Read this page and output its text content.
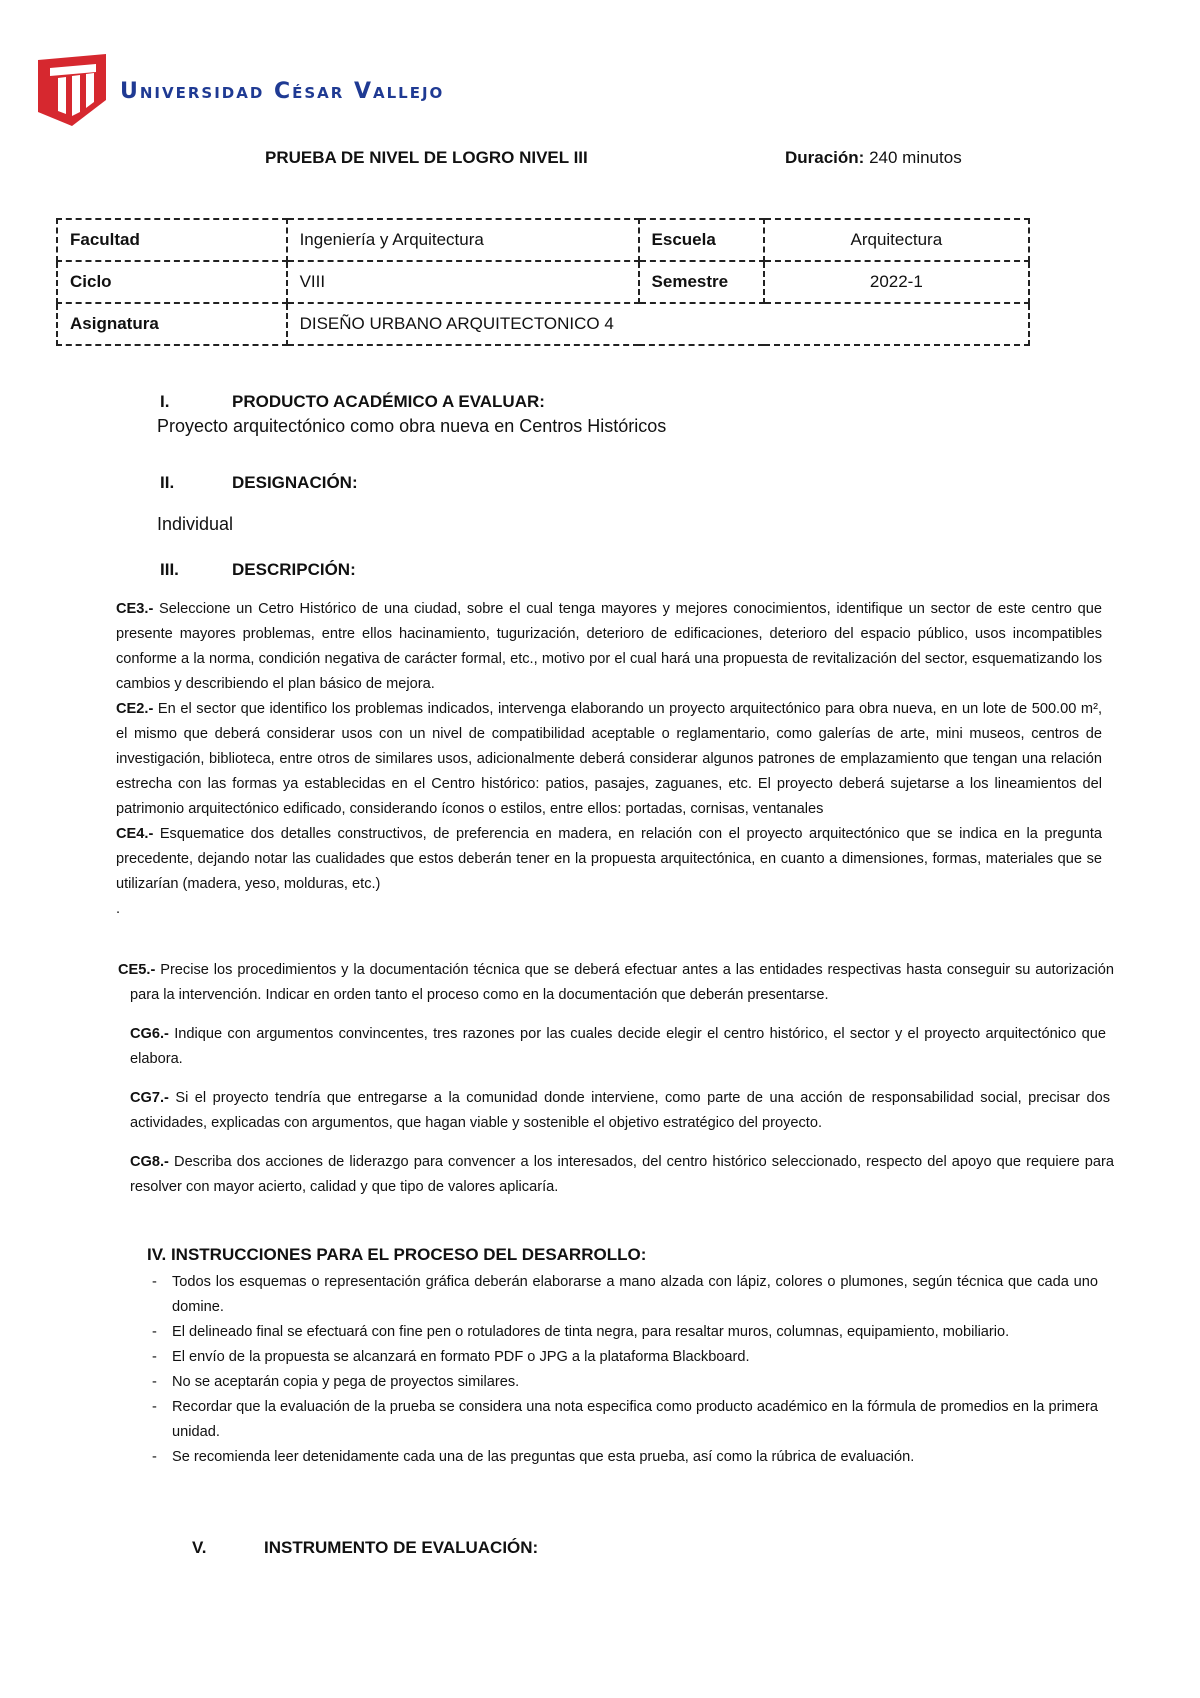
Universidad César Vallejo
PRUEBA DE NIVEL DE LOGRO NIVEL III	Duración: 240 minutos
Facultad	Ingeniería y Arquitectura	Escuela	Arquitectura
Ciclo	VIII	Semestre	2022-1
Asignatura	DISEÑO URBANO ARQUITECTONICO 4		
I.	PRODUCTO ACADÉMICO A EVALUAR:
Proyecto arquitectónico como obra nueva en Centros Históricos
II.	DESIGNACIÓN:
Individual
III.	DESCRIPCIÓN:
CE3.- Seleccione un Cetro Histórico de una ciudad, sobre el cual tenga mayores y mejores conocimientos, identifique un sector de este centro que presente mayores problemas, entre ellos hacinamiento, tugurización, deterioro de edificaciones, deterioro del espacio público, usos incompatibles conforme a la norma, condición negativa de carácter formal, etc., motivo por el cual hará una propuesta de revitalización del sector, esquematizando los cambios y describiendo el plan básico de mejora.
CE2.- En el sector que identifico los problemas indicados, intervenga elaborando un proyecto arquitectónico para obra nueva, en un lote de 500.00 m², el mismo que deberá considerar usos con un nivel de compatibilidad aceptable o reglamentario, como galerías de arte, mini museos, centros de investigación, biblioteca, entre otros de similares usos, adicionalmente deberá considerar algunos patrones de emplazamiento que tengan una relación estrecha con las formas ya establecidas en el Centro histórico: patios, pasajes, zaguanes, etc. El proyecto deberá sujetarse a los lineamientos del patrimonio arquitectónico edificado, considerando íconos o estilos, entre ellos: portadas, cornisas, ventanales
CE4.- Esquematice dos detalles constructivos, de preferencia en madera, en relación con el proyecto arquitectónico que se indica en la pregunta precedente, dejando notar las cualidades que estos deberán tener en la propuesta arquitectónica, en cuanto a dimensiones, formas, materiales que se utilizarían (madera, yeso, molduras, etc.)
.
CE5.- Precise los procedimientos y la documentación técnica que se deberá efectuar antes a las entidades respectivas hasta conseguir su autorización para la intervención. Indicar en orden tanto el proceso como en la documentación que deberán presentarse.
CG6.- Indique con argumentos convincentes, tres razones por las cuales decide elegir el centro histórico, el sector y el proyecto arquitectónico que elabora.
CG7.- Si el proyecto tendría que entregarse a la comunidad donde interviene, como parte de una acción de responsabilidad social, precisar dos actividades, explicadas con argumentos, que hagan viable y sostenible el objetivo estratégico del proyecto.
CG8.- Describa dos acciones de liderazgo para convencer a los interesados, del centro histórico seleccionado, respecto del apoyo que requiere para resolver con mayor acierto, calidad y que tipo de valores aplicaría.
IV. INSTRUCCIONES PARA EL PROCESO DEL DESARROLLO:
- Todos los esquemas o representación gráfica deberán elaborarse a mano alzada con lápiz, colores o plumones, según técnica que cada uno domine.
- El delineado final se efectuará con fine pen o rotuladores de tinta negra, para resaltar muros, columnas, equipamiento, mobiliario.
- El envío de la propuesta se alcanzará en formato PDF o JPG a la plataforma Blackboard.
- No se aceptarán copia y pega de proyectos similares.
- Recordar que la evaluación de la prueba se considera una nota especifica como producto académico en la fórmula de promedios en la primera unidad.
- Se recomienda leer detenidamente cada una de las preguntas que esta prueba, así como la rúbrica de evaluación.
V.	INSTRUMENTO DE EVALUACIÓN:
